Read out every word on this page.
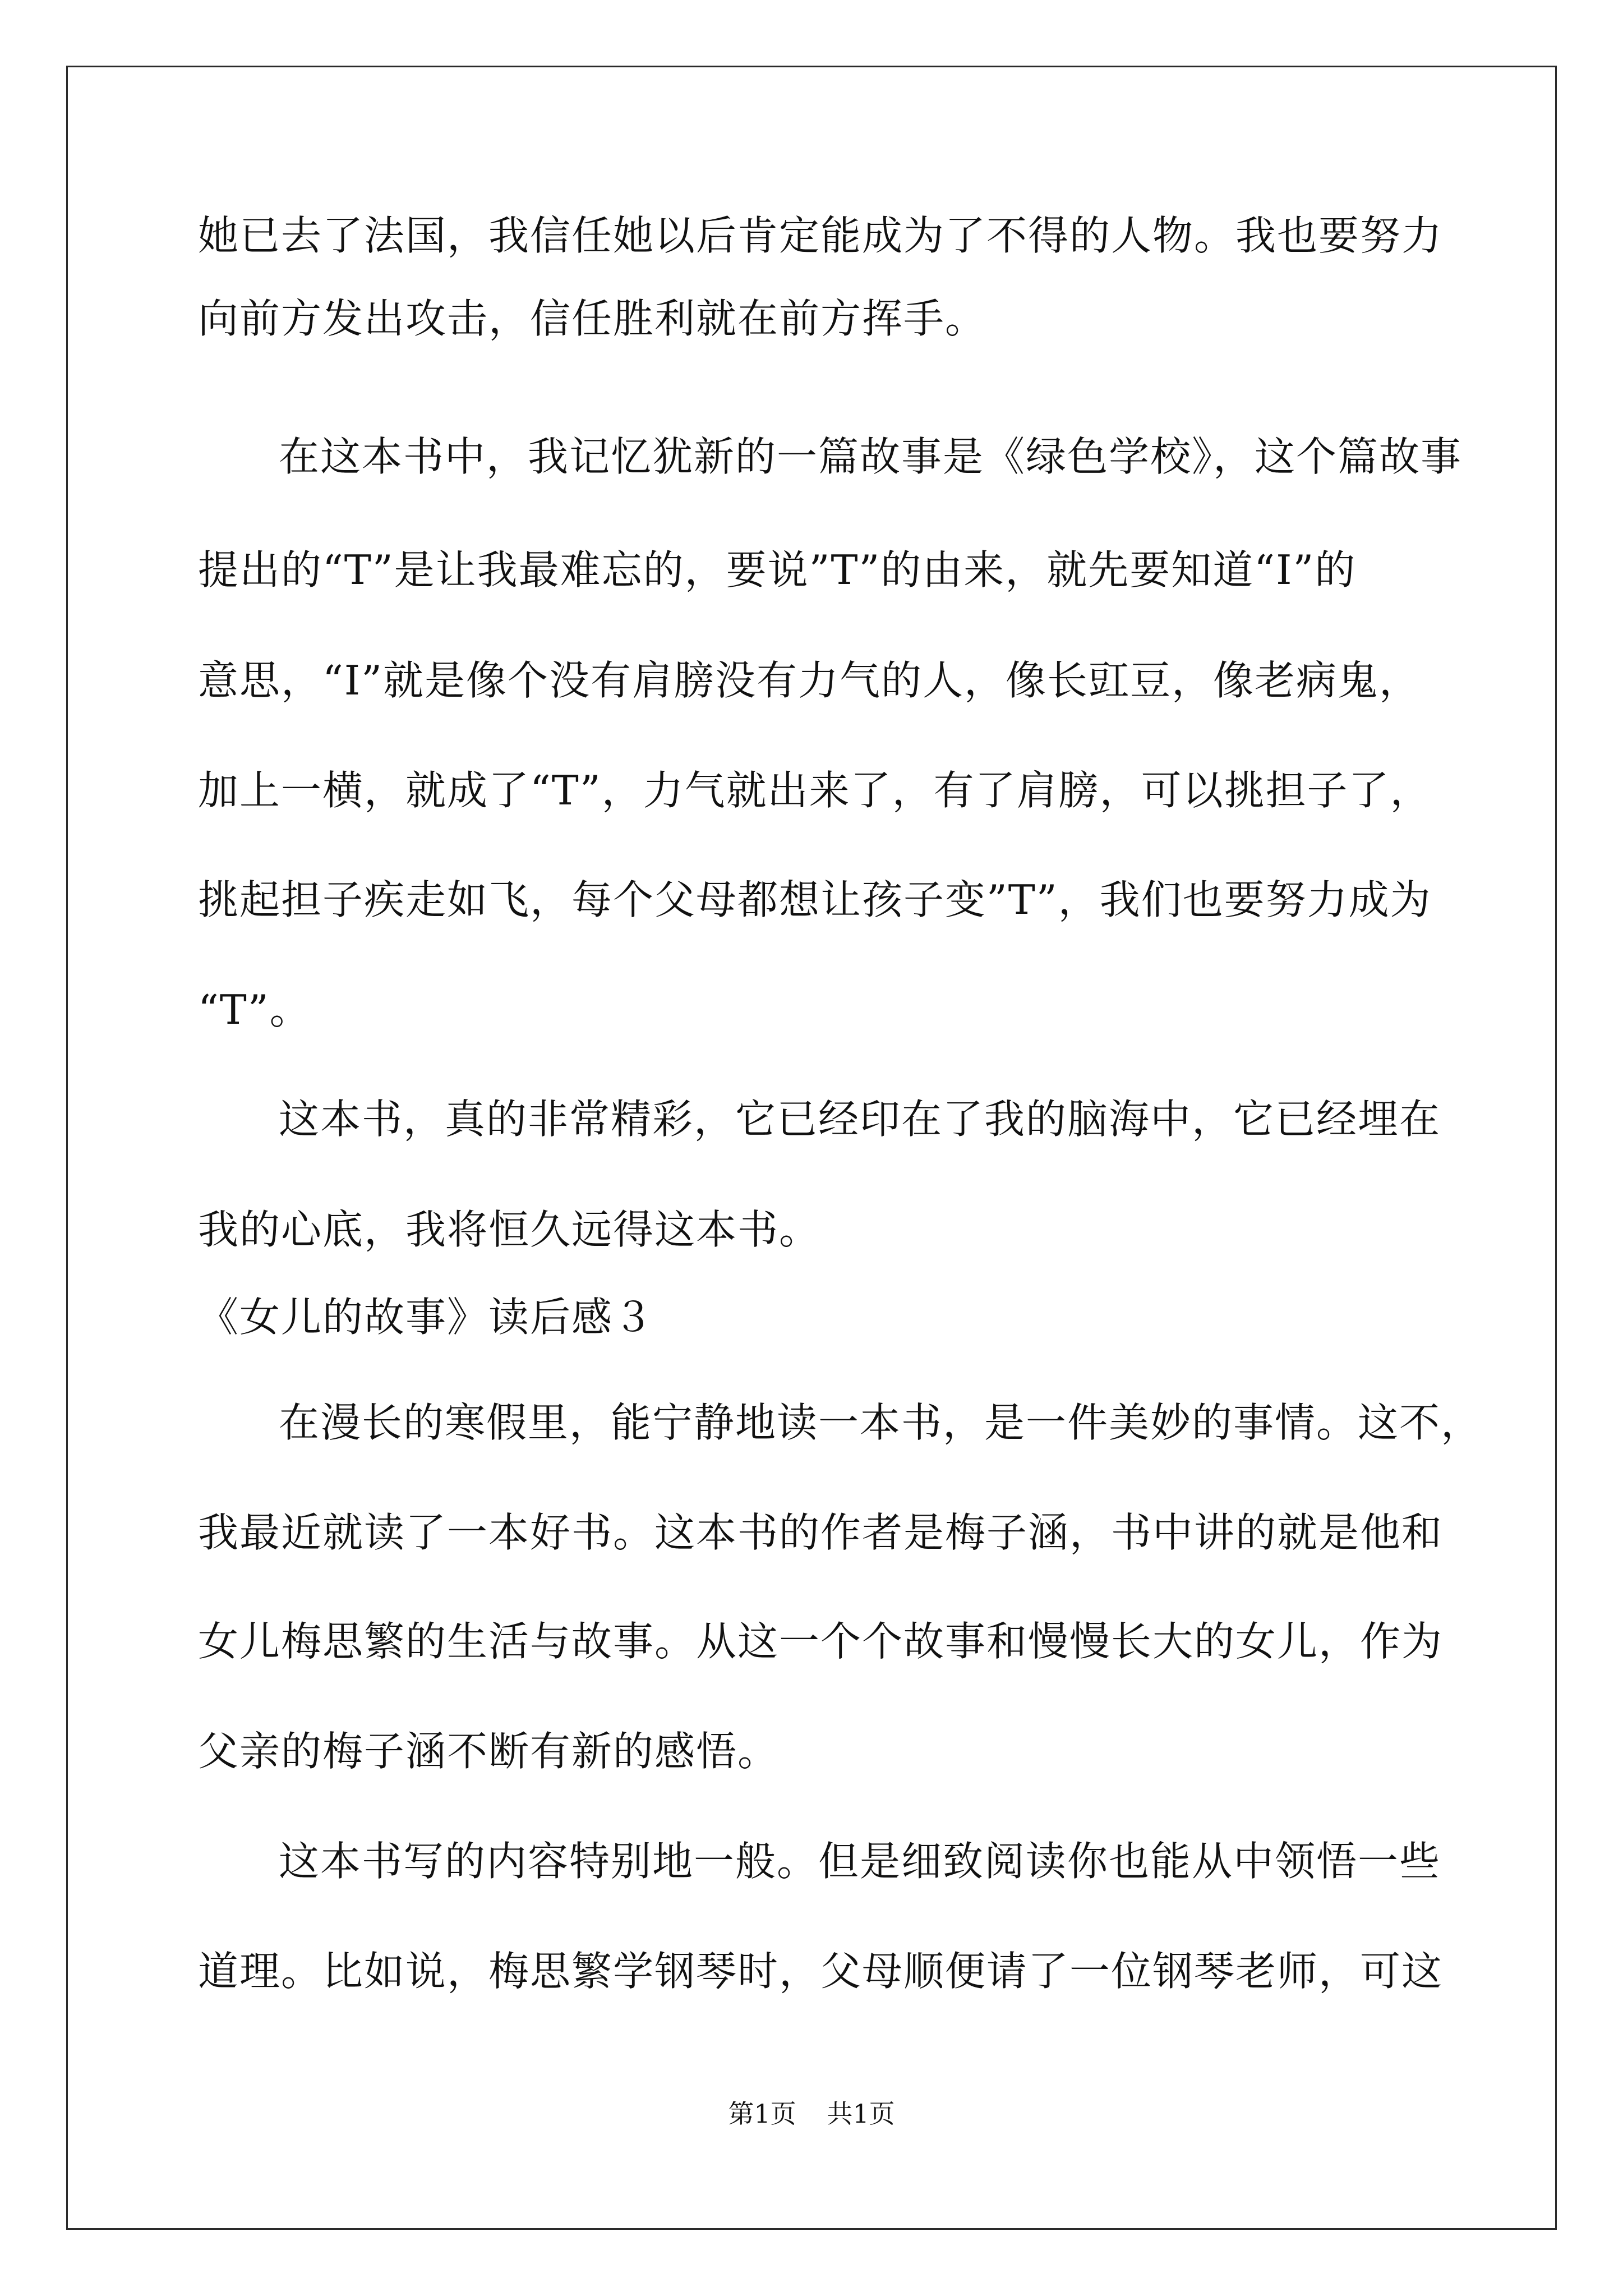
她已去了法国，我信任她以后肯定能成为了不得的人物。我也要努力
向前方发出攻击，信任胜利就在前方挥手。
在这本书中，我记忆犹新的一篇故事是《绿色学校》，这个篇故事
提出的“T”是让我最难忘的，要说”T”的由来，就先要知道“I”的
意思，“I”就是像个没有肩膀没有力气的人，像长豇豆，像老病鬼，
加上一横，就成了“T”，力气就出来了，有了肩膀，可以挑担子了，
挑起担子疾走如飞，每个父母都想让孩子变”T”，我们也要努力成为
“T”。
这本书，真的非常精彩，它已经印在了我的脑海中，它已经埋在
我的心底，我将恒久远得这本书。
《女儿的故事》读后感３
在漫长的寒假里，能宁静地读一本书，是一件美妙的事情。这不，
我最近就读了一本好书。这本书的作者是梅子涵，书中讲的就是他和
女儿梅思繁的生活与故事。从这一个个故事和慢慢长大的女儿，作为
父亲的梅子涵不断有新的感悟。
这本书写的内容特别地一般。但是细致阅读你也能从中领悟一些
道理。比如说，梅思繁学钢琴时，父母顺便请了一位钢琴老师，可这
第1页 共1页
